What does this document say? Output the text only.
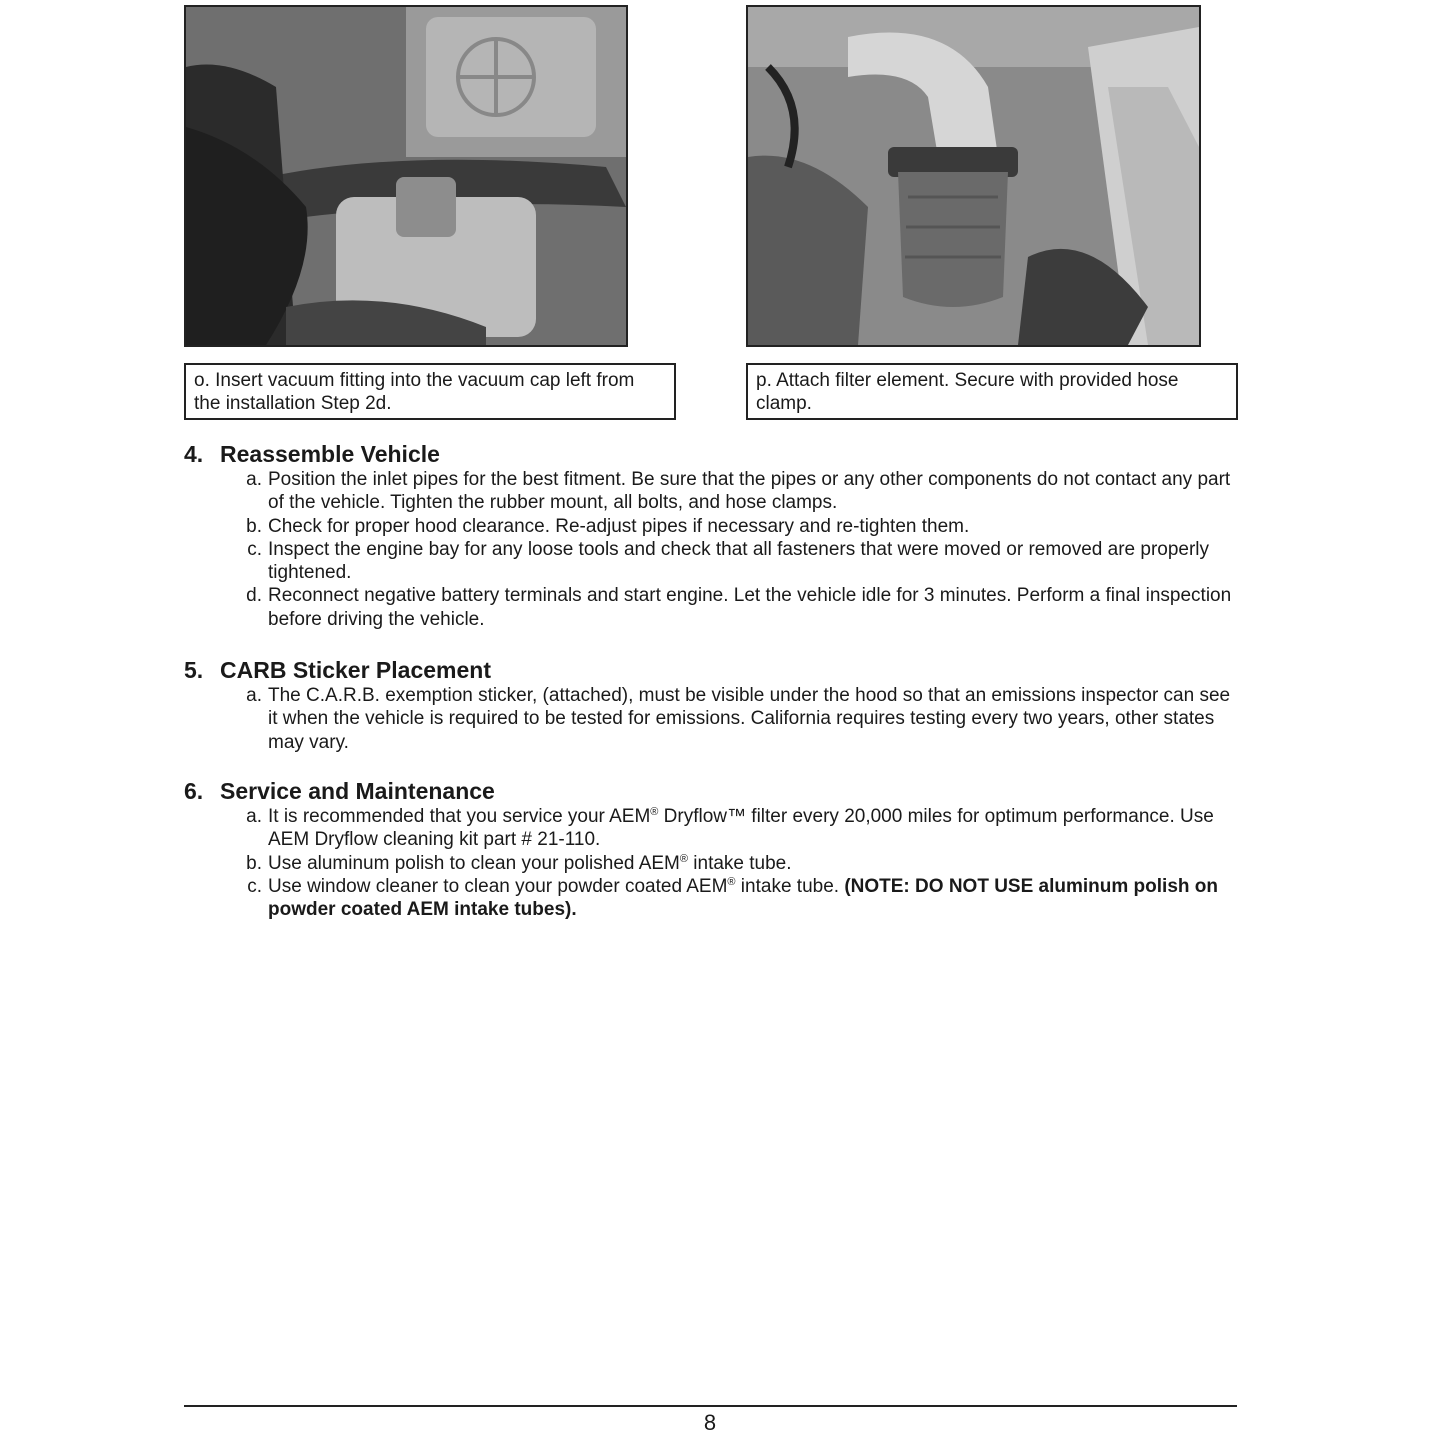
o. Insert vacuum fitting into the vacuum cap left from
the installation Step 2d.
p. Attach filter element. Secure with provided hose
clamp.
4. Reassemble Vehicle
a. Position the inlet pipes for the best fitment. Be sure that the pipes or any other components do not contact any part of the vehicle. Tighten the rubber mount, all bolts, and hose clamps.
b. Check for proper hood clearance. Re-adjust pipes if necessary and re-tighten them.
c. Inspect the engine bay for any loose tools and check that all fasteners that were moved or removed are properly tightened.
d. Reconnect negative battery terminals and start engine. Let the vehicle idle for 3 minutes. Perform a final inspection before driving the vehicle.
5. CARB Sticker Placement
a. The C.A.R.B. exemption sticker, (attached), must be visible under the hood so that an emissions inspector can see it when the vehicle is required to be tested for emissions. California requires testing every two years, other states may vary.
6. Service and Maintenance
a. It is recommended that you service your AEM® Dryflow™ filter every 20,000 miles for optimum performance. Use AEM Dryflow cleaning kit part # 21-110.
b. Use aluminum polish to clean your polished AEM® intake tube.
c. Use window cleaner to clean your powder coated AEM® intake tube. (NOTE: DO NOT USE aluminum polish on powder coated AEM intake tubes).
8
